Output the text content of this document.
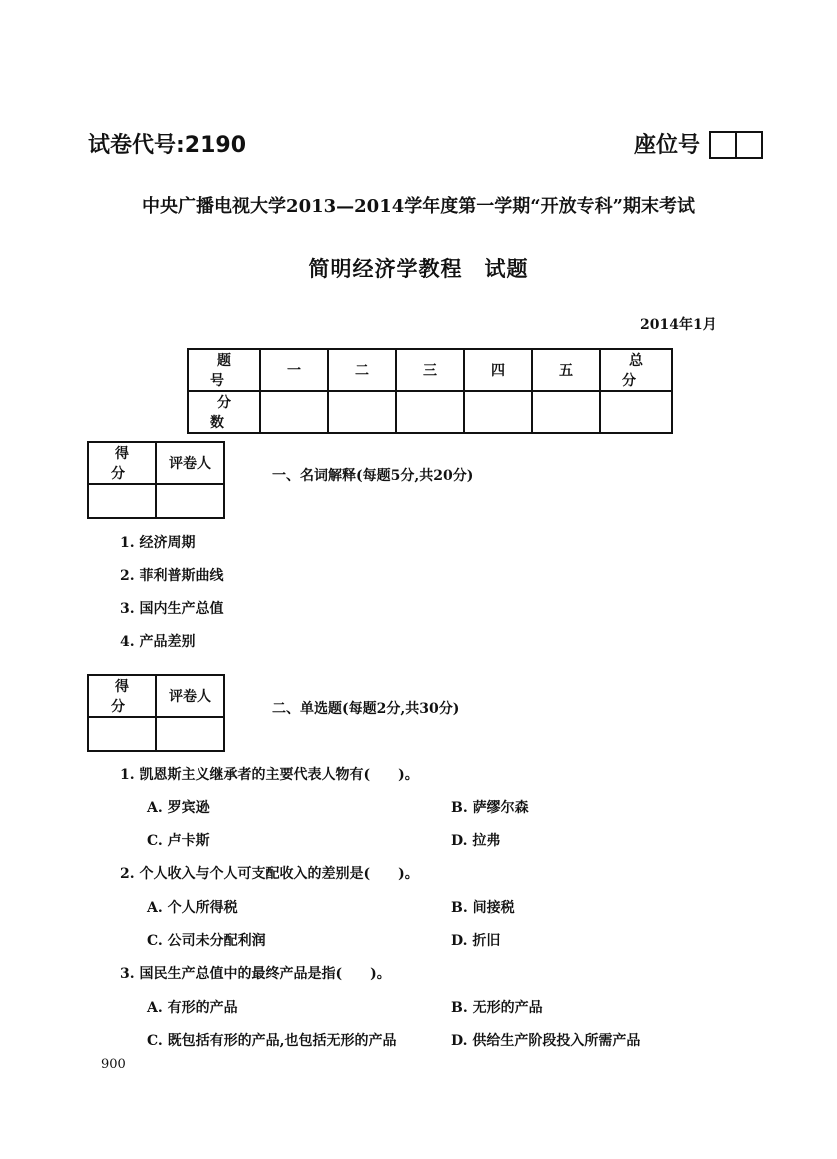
试卷代号:2190	座位号
中央广播电视大学2013—2014学年度第一学期“开放专科”期末考试
简明经济学教程　试题
2014年1月
题　号	一	二	三	四	五	总　分
分　数						
得　分	评卷人

一、名词解释(每题5分,共20分)
1. 经济周期
2. 菲利普斯曲线
3. 国内生产总值
4. 产品差别
得　分	评卷人

二、单选题(每题2分,共30分)
1. 凯恩斯主义继承者的主要代表人物有(　　)。
A. 罗宾逊	B. 萨缪尔森
C. 卢卡斯	D. 拉弗
2. 个人收入与个人可支配收入的差别是(　　)。
A. 个人所得税	B. 间接税
C. 公司未分配利润	D. 折旧
3. 国民生产总值中的最终产品是指(　　)。
A. 有形的产品	B. 无形的产品
C. 既包括有形的产品,也包括无形的产品	D. 供给生产阶段投入所需产品
900
